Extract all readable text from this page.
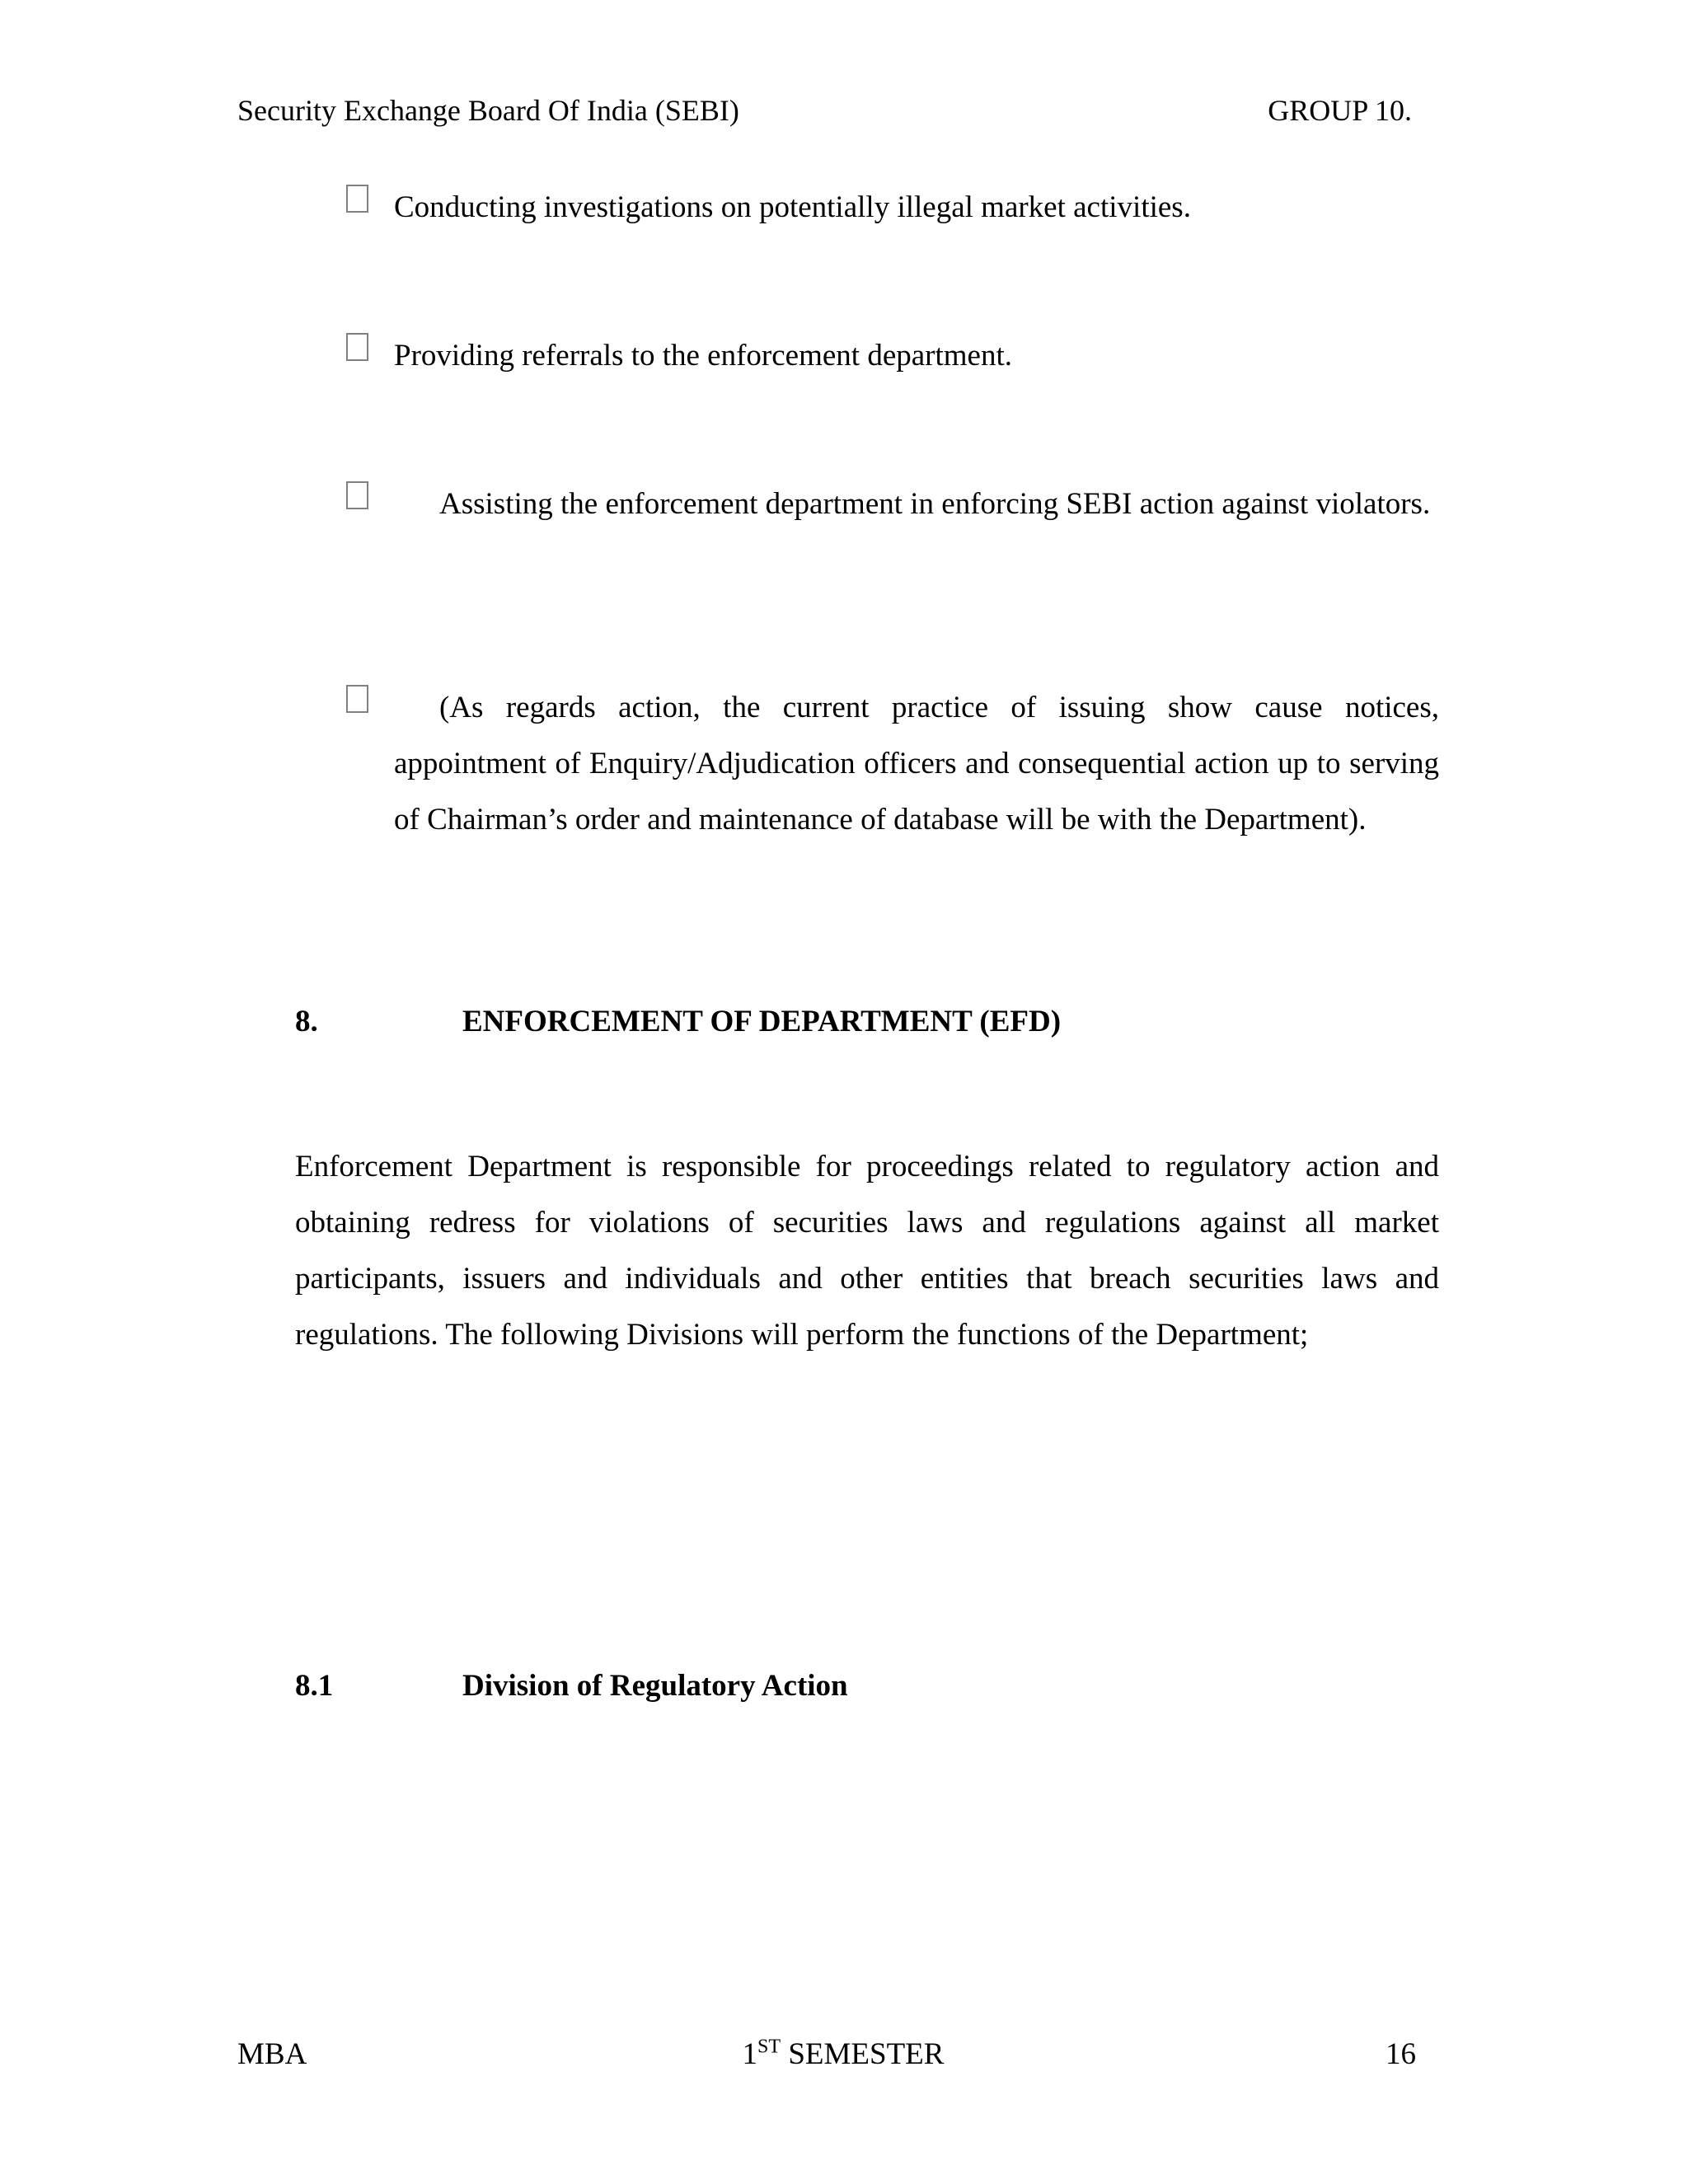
Security Exchange Board Of India (SEBI)	GROUP 10.
Conducting investigations on potentially illegal market activities.
Providing referrals to the enforcement department.
Assisting the enforcement department in enforcing SEBI action against violators.
(As regards action, the current practice of issuing show cause notices, appointment of Enquiry/Adjudication officers and consequential action up to serving of Chairman’s order and maintenance of database will be with the Department).
8.	ENFORCEMENT OF DEPARTMENT (EFD)
Enforcement Department is responsible for proceedings related to regulatory action and obtaining redress for violations of securities laws and regulations against all market participants, issuers and individuals and other entities that breach securities laws and regulations. The following Divisions will perform the functions of the Department;
8.1	Division of Regulatory Action
MBA	1ST SEMESTER	16
